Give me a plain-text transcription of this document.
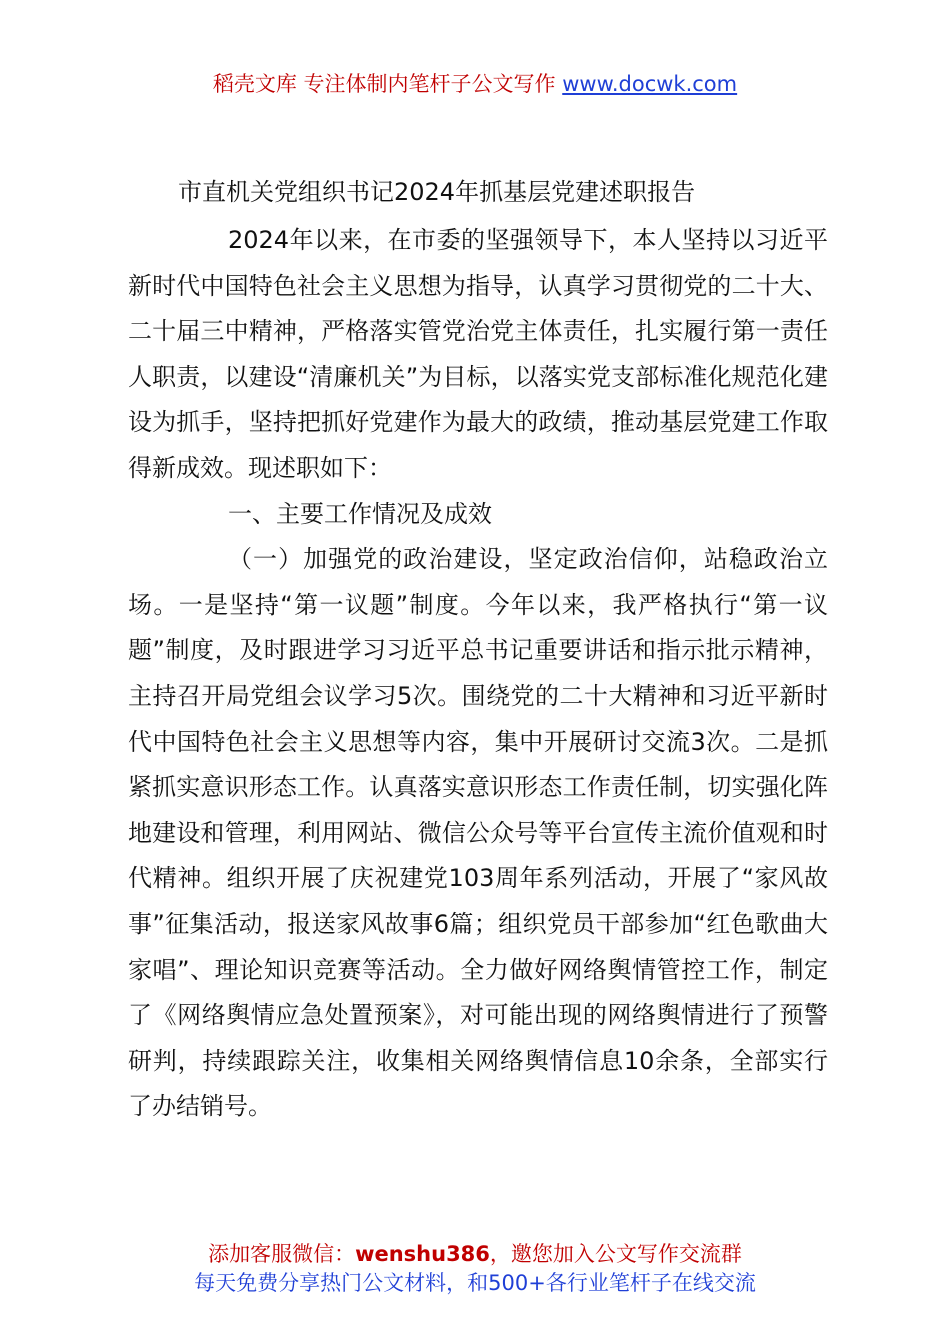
稻壳文库 专注体制内笔杆子公文写作 www.docwk.com
市直机关党组织书记2024年抓基层党建述职报告

2024年以来，在市委的坚强领导下，本人坚持以习近平新时代中国特色社会主义思想为指导，认真学习贯彻党的二十大、二十届三中精神，严格落实管党治党主体责任，扎实履行第一责任人职责，以建设“清廉机关”为目标，以落实党支部标准化规范化建设为抓手，坚持把抓好党建作为最大的政绩，推动基层党建工作取得新成效。现述职如下：

一、主要工作情况及成效

（一）加强党的政治建设，坚定政治信仰，站稳政治立场。一是坚持“第一议题”制度。今年以来，我严格执行“第一议题”制度，及时跟进学习习近平总书记重要讲话和指示批示精神，主持召开局党组会议学习5次。围绕党的二十大精神和习近平新时代中国特色社会主义思想等内容，集中开展研讨交流3次。二是抓紧抓实意识形态工作。认真落实意识形态工作责任制，切实强化阵地建设和管理，利用网站、微信公众号等平台宣传主流价值观和时代精神。组织开展了庆祝建党103周年系列活动，开展了“家风故事”征集活动，报送家风故事6篇；组织党员干部参加“红色歌曲大家唱”、理论知识竞赛等活动。全力做好网络舆情管控工作，制定了《网络舆情应急处置预案》，对可能出现的网络舆情进行了预警研判，持续跟踪关注，收集相关网络舆情信息10余条，全部实行了办结销号。

添加客服微信：wenshu386，邀您加入公文写作交流群
每天免费分享热门公文材料，和500+各行业笔杆子在线交流
